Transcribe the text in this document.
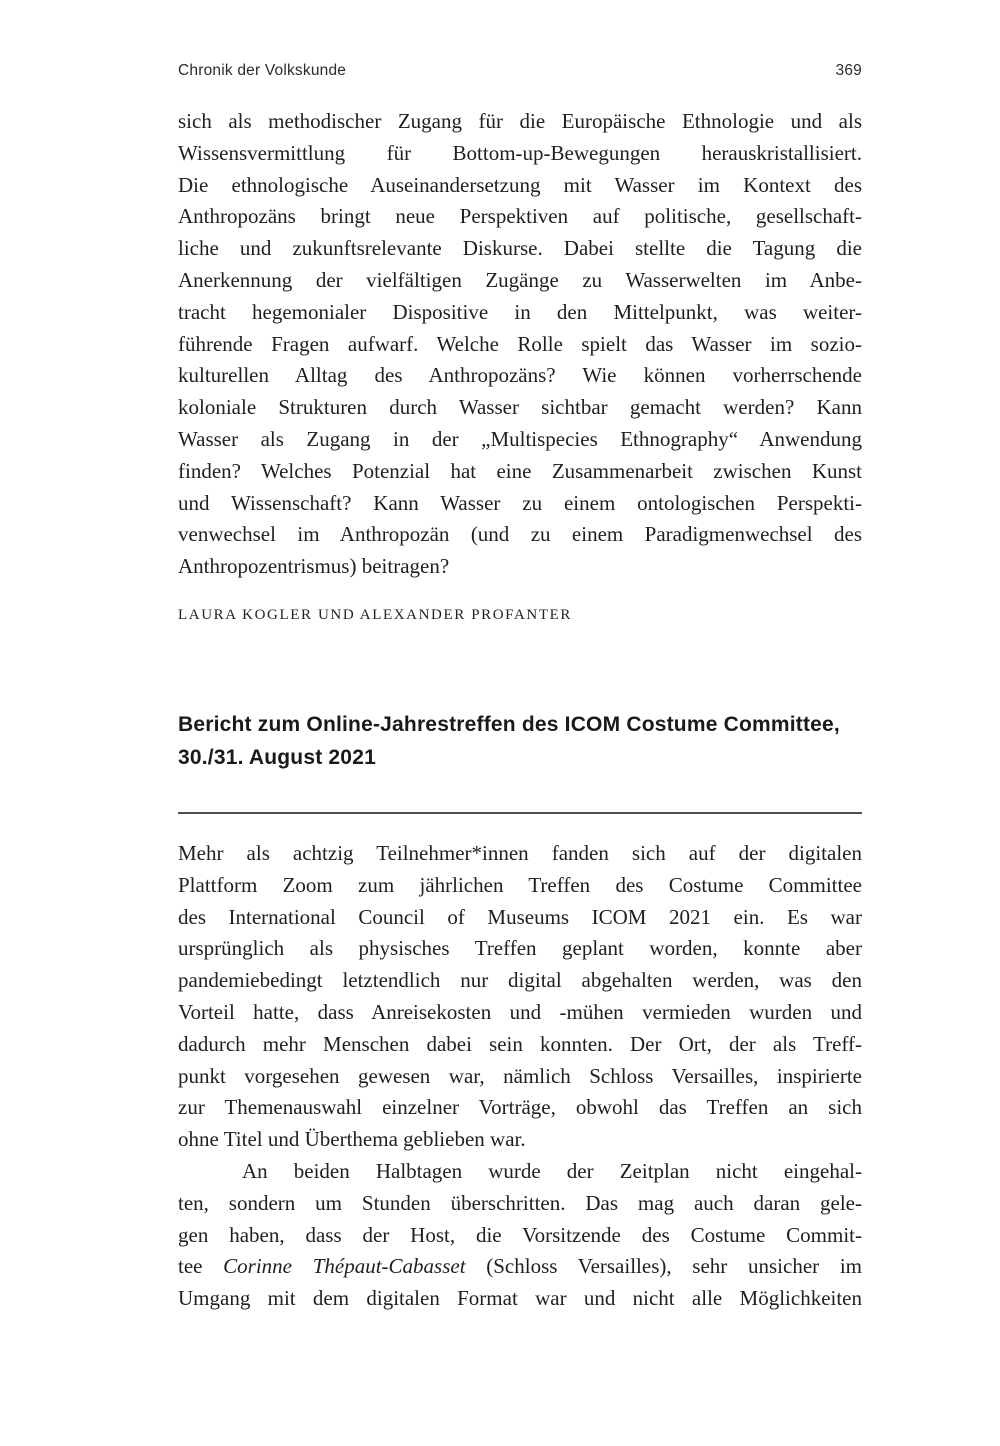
Chronik der Volkskunde	369
sich als methodischer Zugang für die Europäische Ethnologie und als
Wissensvermittlung für Bottom-up-Bewegungen herauskristallisiert.
Die ethnologische Auseinandersetzung mit Wasser im Kontext des
Anthropozäns bringt neue Perspektiven auf politische, gesellschaft-
liche und zukunftsrelevante Diskurse. Dabei stellte die Tagung die
Anerkennung der vielfältigen Zugänge zu Wasserwelten im Anbe-
tracht hegemonialer Dispositive in den Mittelpunkt, was weiter-
führende Fragen aufwarf. Welche Rolle spielt das Wasser im sozio-
kulturellen Alltag des Anthropozäns? Wie können vorherrschende
koloniale Strukturen durch Wasser sichtbar gemacht werden? Kann
Wasser als Zugang in der „Multispecies Ethnography“ Anwendung
finden? Welches Potenzial hat eine Zusammenarbeit zwischen Kunst
und Wissenschaft? Kann Wasser zu einem ontologischen Perspekti-
venwechsel im Anthropozän (und zu einem Paradigmenwechsel des
Anthropozentrismus) beitragen?
LAURA KOGLER UND ALEXANDER PROFANTER
Bericht zum Online-Jahrestreffen des ICOM Costume Committee,
30./31. August 2021
Mehr als achtzig Teilnehmer*innen fanden sich auf der digitalen
Plattform Zoom zum jährlichen Treffen des Costume Committee
des International Council of Museums ICOM 2021 ein. Es war
ursprünglich als physisches Treffen geplant worden, konnte aber
pandemiebedingt letztendlich nur digital abgehalten werden, was den
Vorteil hatte, dass Anreisekosten und -mühen vermieden wurden und
dadurch mehr Menschen dabei sein konnten. Der Ort, der als Treff-
punkt vorgesehen gewesen war, nämlich Schloss Versailles, inspirierte
zur Themenauswahl einzelner Vorträge, obwohl das Treffen an sich
ohne Titel und Überthema geblieben war.
An beiden Halbtagen wurde der Zeitplan nicht eingehal-
ten, sondern um Stunden überschritten. Das mag auch daran gele-
gen haben, dass der Host, die Vorsitzende des Costume Commit-
tee Corinne Thépaut-Cabasset (Schloss Versailles), sehr unsicher im
Umgang mit dem digitalen Format war und nicht alle Möglichkeiten
